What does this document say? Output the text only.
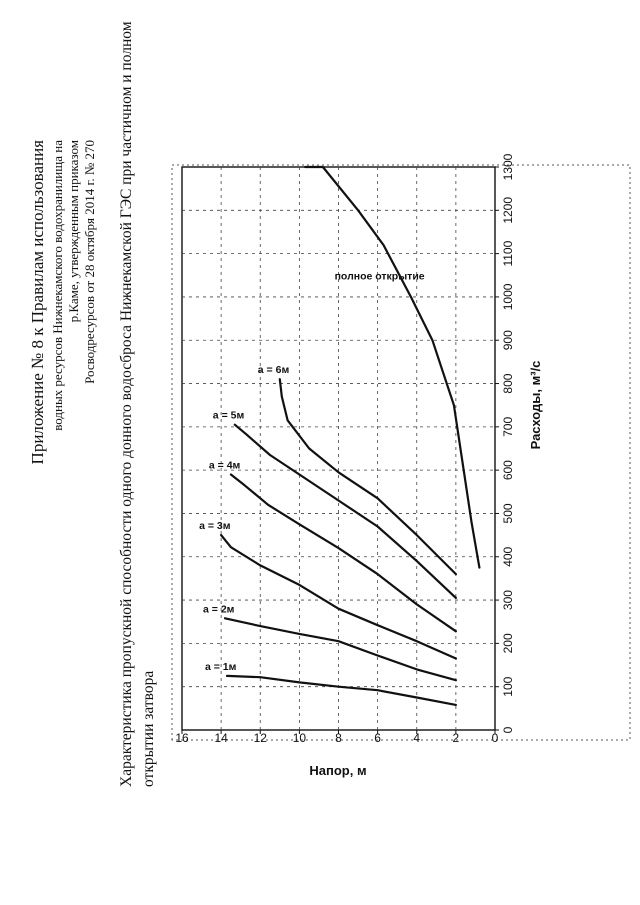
Приложение № 8 к Правилам использования водных ресурсов Нижнекамского водохранилища на р.Каме, утвержденным приказом Росводресурсов от 28 октября 2014 г. № 270 Характеристика пропускной способности одного донного водосброса Нижнекамской ГЭС при частичном и полном открытии затвора
а = 1м
а = 2м
а = 3м
а = 4м
а = 5м
а = 6м
полное открытие
0
100
200
300
400
500
600
700
800
900
1000
1100
1200
1300
0
2
4
6
8
10
12
14
16
Расходы, м³/с
Напор, м
